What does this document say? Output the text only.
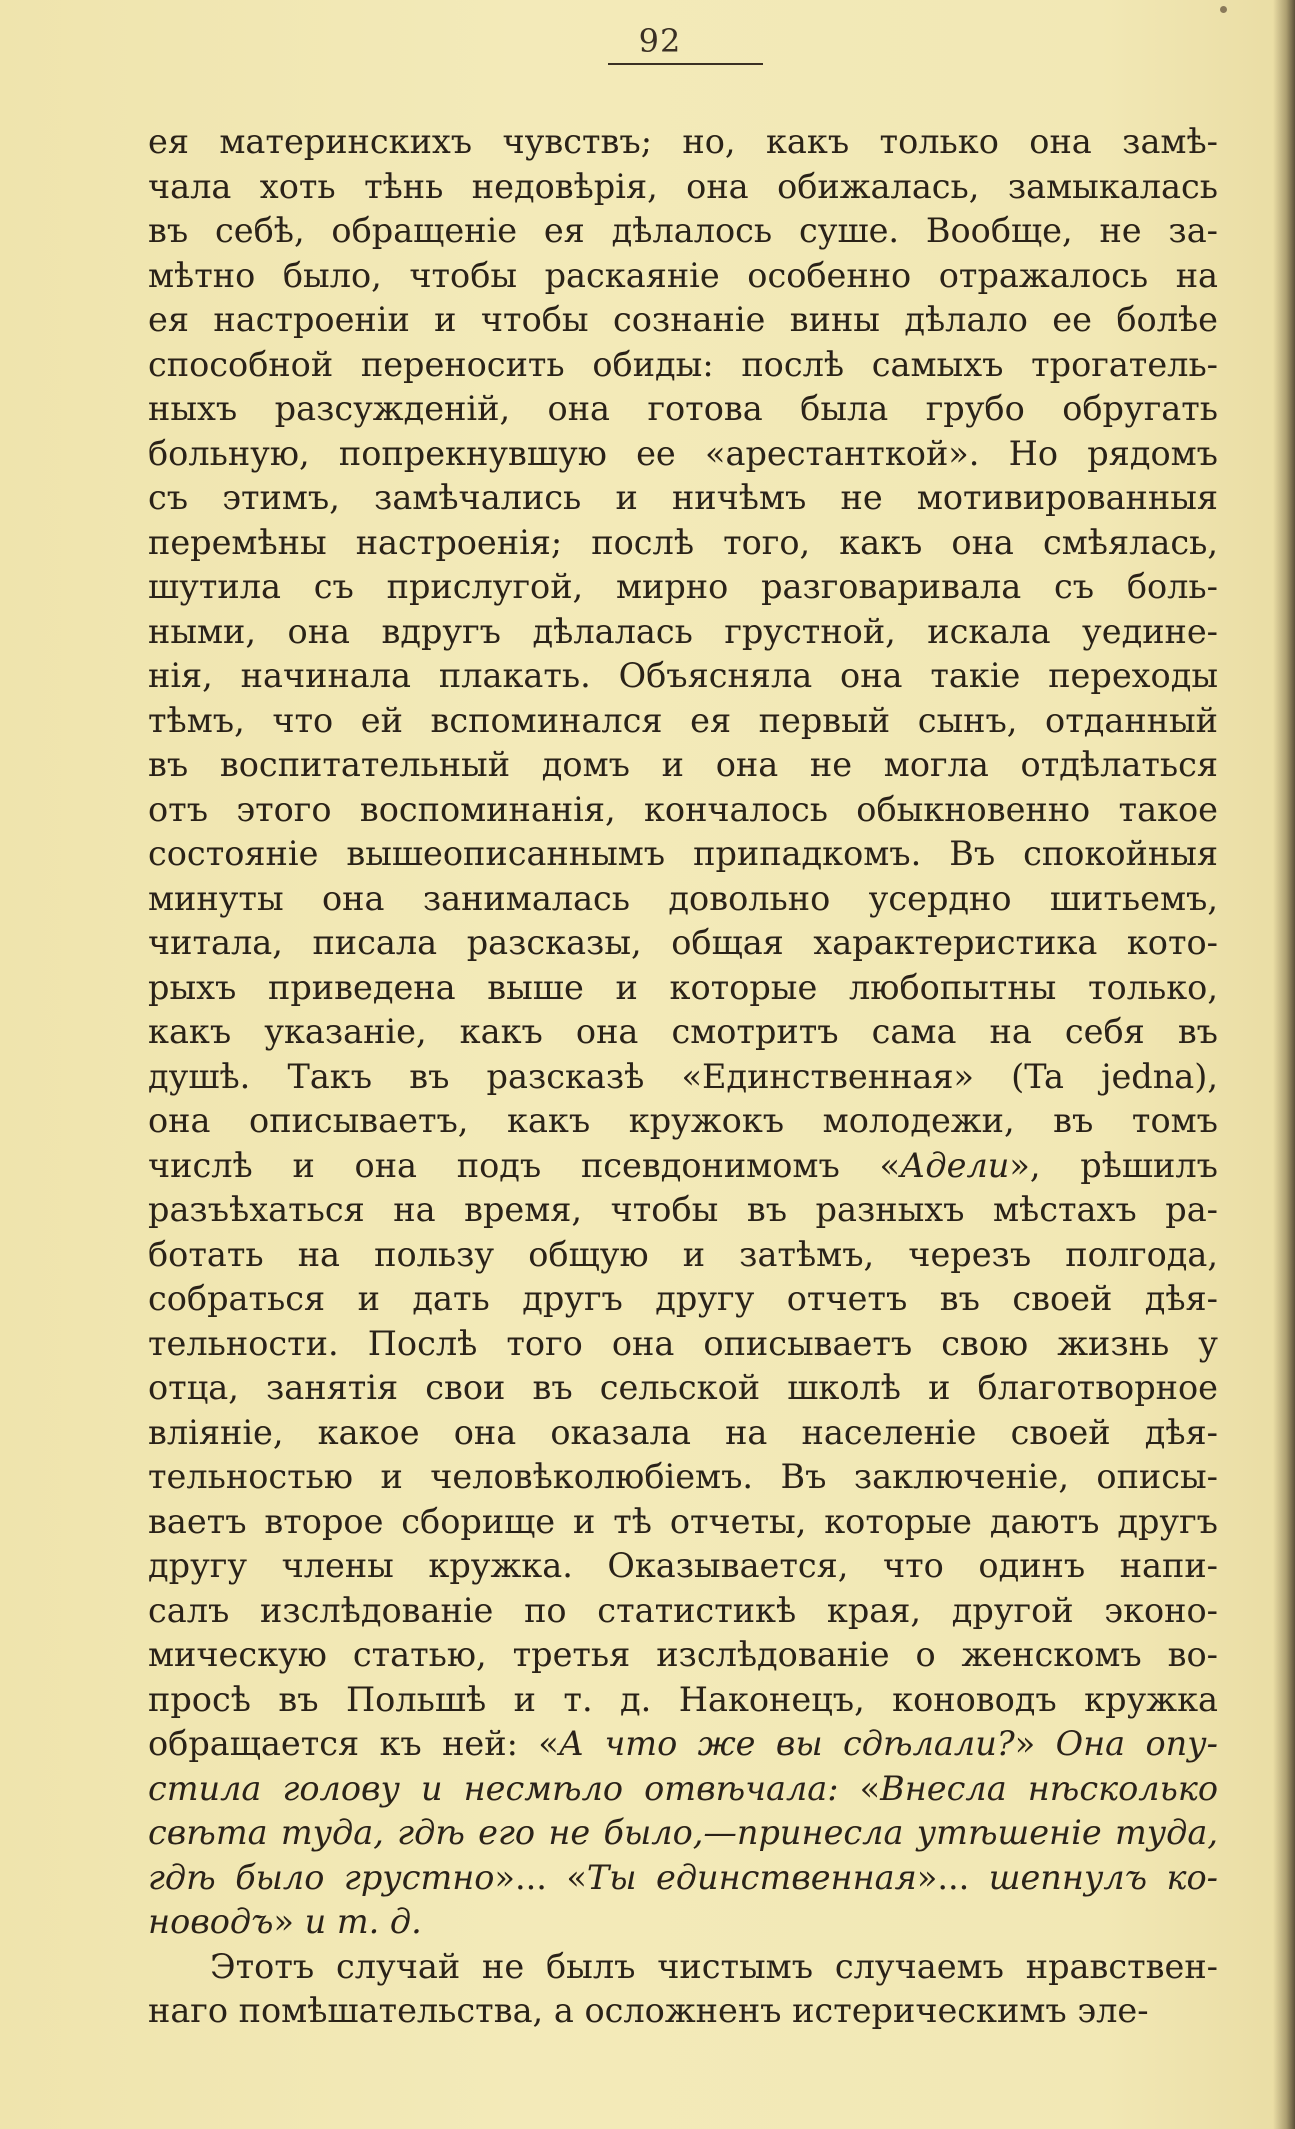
92
ея материнскихъ чувствъ; но, какъ только она замѣ-
чала хоть тѣнь недовѣрія, она обижалась, замыкалась
въ себѣ, обращеніе ея дѣлалось суше. Вообще, не за-
мѣтно было, чтобы раскаяніе особенно отражалось на
ея настроеніи и чтобы сознаніе вины дѣлало ее болѣе
способной переносить обиды: послѣ самыхъ трогатель-
ныхъ разсужденій, она готова была грубо обругать
больную, попрекнувшую ее «арестанткой». Но рядомъ
съ этимъ, замѣчались и ничѣмъ не мотивированныя
перемѣны настроенія; послѣ того, какъ она смѣялась,
шутила съ прислугой, мирно разговаривала съ боль-
ными, она вдругъ дѣлалась грустной, искала уедине-
нія, начинала плакать. Объясняла она такіе переходы
тѣмъ, что ей вспоминался ея первый сынъ, отданный
въ воспитательный домъ и она не могла отдѣлаться
отъ этого воспоминанія, кончалось обыкновенно такое
состояніе вышеописаннымъ припадкомъ. Въ спокойныя
минуты она занималась довольно усердно шитьемъ,
читала, писала разсказы, общая характеристика кото-
рыхъ приведена выше и которые любопытны только,
какъ указаніе, какъ она смотритъ сама на себя въ
душѣ. Такъ въ разсказѣ «Единственная» (Ta jedna),
она описываетъ, какъ кружокъ молодежи, въ томъ
числѣ и она подъ псевдонимомъ «Адели», рѣшилъ
разъѣхаться на время, чтобы въ разныхъ мѣстахъ ра-
ботать на пользу общую и затѣмъ, черезъ полгода,
собраться и дать другъ другу отчетъ въ своей дѣя-
тельности. Послѣ того она описываетъ свою жизнь у
отца, занятія свои въ сельской школѣ и благотворное
вліяніе, какое она оказала на населеніе своей дѣя-
тельностью и человѣколюбіемъ. Въ заключеніе, описы-
ваетъ второе сборище и тѣ отчеты, которые даютъ другъ
другу члены кружка. Оказывается, что одинъ напи-
салъ изслѣдованіе по статистикѣ края, другой эконо-
мическую статью, третья изслѣдованіе о женскомъ во-
просѣ въ Польшѣ и т. д. Наконецъ, коноводъ кружка
обращается къ ней: «А что же вы сдѣлали?» Она опу-
стила голову и несмѣло отвѣчала: «Внесла нѣсколько
свѣта туда, гдѣ его не было,—принесла утѣшеніе туда,
гдѣ было грустно»... «Ты единственная»... шепнулъ ко-
новодъ» и т. д.
Этотъ случай не былъ чистымъ случаемъ нравствен-
наго помѣшательства, а осложненъ истерическимъ эле-
